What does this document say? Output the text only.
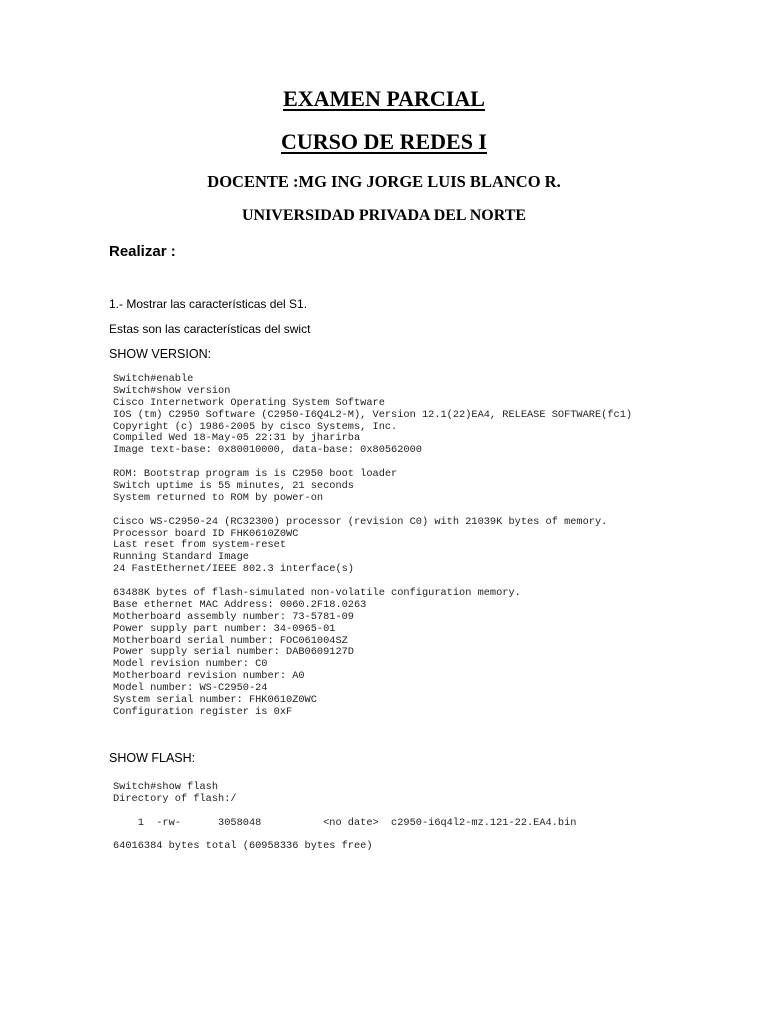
EXAMEN PARCIAL
CURSO DE REDES I
DOCENTE :MG ING JORGE LUIS BLANCO R.
UNIVERSIDAD PRIVADA DEL NORTE
Realizar :
1.- Mostrar las características del S1.
Estas son las características del swict
SHOW VERSION:
Switch#enable
Switch#show version
Cisco Internetwork Operating System Software
IOS (tm) C2950 Software (C2950-I6Q4L2-M), Version 12.1(22)EA4, RELEASE SOFTWARE(fc1)
Copyright (c) 1986-2005 by cisco Systems, Inc.
Compiled Wed 18-May-05 22:31 by jharirba
Image text-base: 0x80010000, data-base: 0x80562000
ROM: Bootstrap program is is C2950 boot loader
Switch uptime is 55 minutes, 21 seconds
System returned to ROM by power-on
Cisco WS-C2950-24 (RC32300) processor (revision C0) with 21039K bytes of memory.
Processor board ID FHK0610Z0WC
Last reset from system-reset
Running Standard Image
24 FastEthernet/IEEE 802.3 interface(s)
63488K bytes of flash-simulated non-volatile configuration memory.
Base ethernet MAC Address: 0060.2F18.0263
Motherboard assembly number: 73-5781-09
Power supply part number: 34-0965-01
Motherboard serial number: FOC061004SZ
Power supply serial number: DAB0609127D
Model revision number: C0
Motherboard revision number: A0
Model number: WS-C2950-24
System serial number: FHK0610Z0WC
Configuration register is 0xF
SHOW FLASH:
Switch#show flash
Directory of flash:/
1  -rw-      3058048          <no date>  c2950-i6q4l2-mz.121-22.EA4.bin
64016384 bytes total (60958336 bytes free)
